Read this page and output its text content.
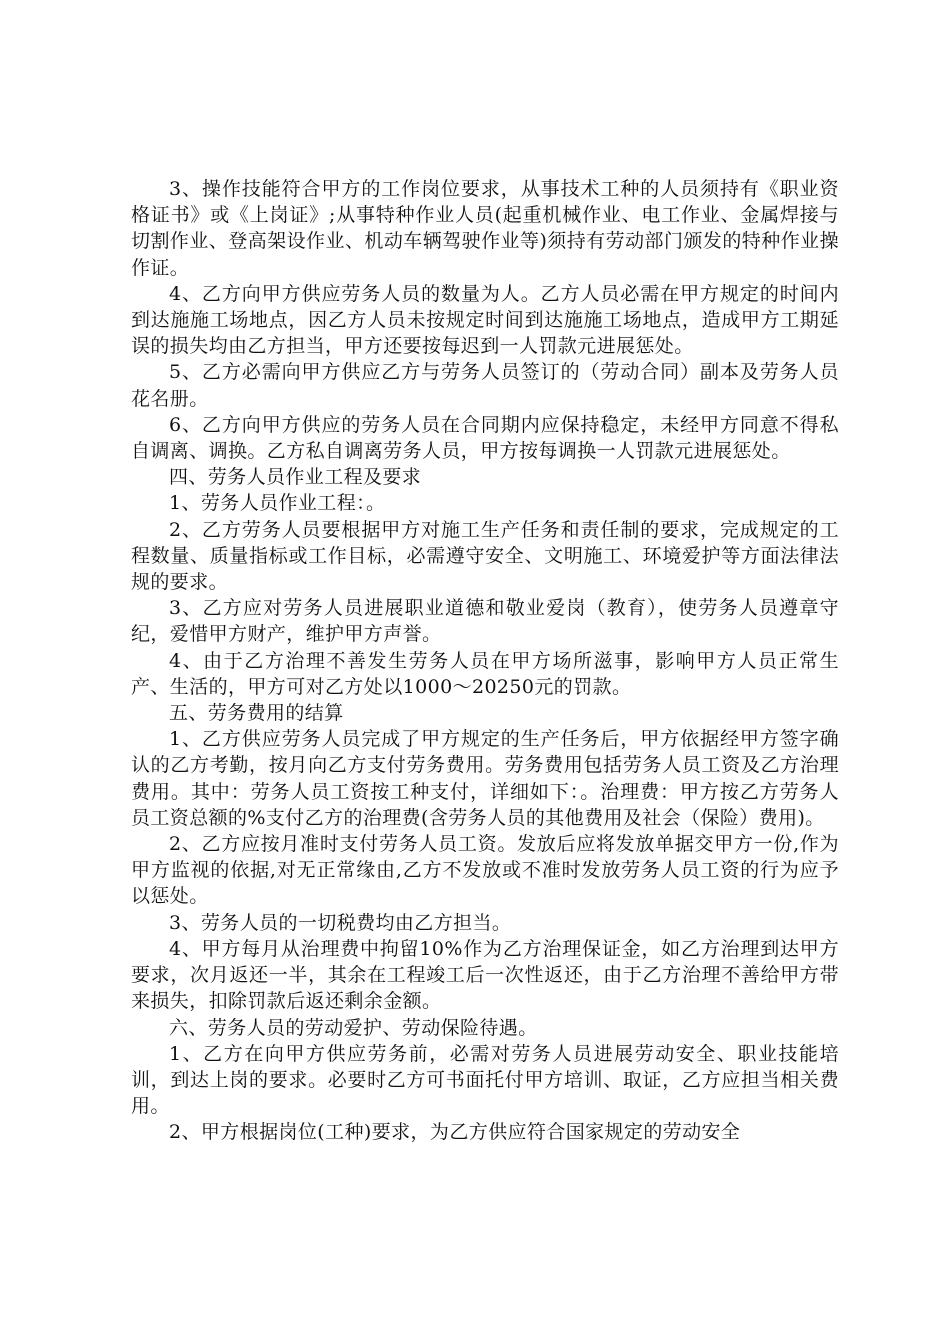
3、操作技能符合甲方的工作岗位要求，从事技术工种的人员须持有《职业资格证书》或《上岗证》;从事特种作业人员(起重机械作业、电工作业、金属焊接与切割作业、登高架设作业、机动车辆驾驶作业等)须持有劳动部门颁发的特种作业操作证。

4、乙方向甲方供应劳务人员的数量为人。乙方人员必需在甲方规定的时间内到达施施工场地点，因乙方人员未按规定时间到达施施工场地点，造成甲方工期延误的损失均由乙方担当，甲方还要按每迟到一人罚款元进展惩处。

5、乙方必需向甲方供应乙方与劳务人员签订的（劳动合同）副本及劳务人员花名册。

6、乙方向甲方供应的劳务人员在合同期内应保持稳定，未经甲方同意不得私自调离、调换。乙方私自调离劳务人员，甲方按每调换一人罚款元进展惩处。

四、劳务人员作业工程及要求

1、劳务人员作业工程：。

2、乙方劳务人员要根据甲方对施工生产任务和责任制的要求，完成规定的工程数量、质量指标或工作目标，必需遵守安全、文明施工、环境爱护等方面法律法规的要求。

3、乙方应对劳务人员进展职业道德和敬业爱岗（教育），使劳务人员遵章守纪，爱惜甲方财产，维护甲方声誉。

4、由于乙方治理不善发生劳务人员在甲方场所滋事，影响甲方人员正常生产、生活的，甲方可对乙方处以1000～20250元的罚款。

五、劳务费用的结算

1、乙方供应劳务人员完成了甲方规定的生产任务后，甲方依据经甲方签字确认的乙方考勤，按月向乙方支付劳务费用。劳务费用包括劳务人员工资及乙方治理费用。其中：劳务人员工资按工种支付，详细如下：。治理费：甲方按乙方劳务人员工资总额的%支付乙方的治理费(含劳务人员的其他费用及社会（保险）费用)。

2、乙方应按月准时支付劳务人员工资。发放后应将发放单据交甲方一份,作为甲方监视的依据,对无正常缘由,乙方不发放或不准时发放劳务人员工资的行为应予以惩处。

3、劳务人员的一切税费均由乙方担当。

4、甲方每月从治理费中拘留10%作为乙方治理保证金，如乙方治理到达甲方要求，次月返还一半，其余在工程竣工后一次性返还，由于乙方治理不善给甲方带来损失，扣除罚款后返还剩余金额。

六、劳务人员的劳动爱护、劳动保险待遇。

1、乙方在向甲方供应劳务前，必需对劳务人员进展劳动安全、职业技能培训，到达上岗的要求。必要时乙方可书面托付甲方培训、取证，乙方应担当相关费用。

2、甲方根据岗位(工种)要求，为乙方供应符合国家规定的劳动安全
